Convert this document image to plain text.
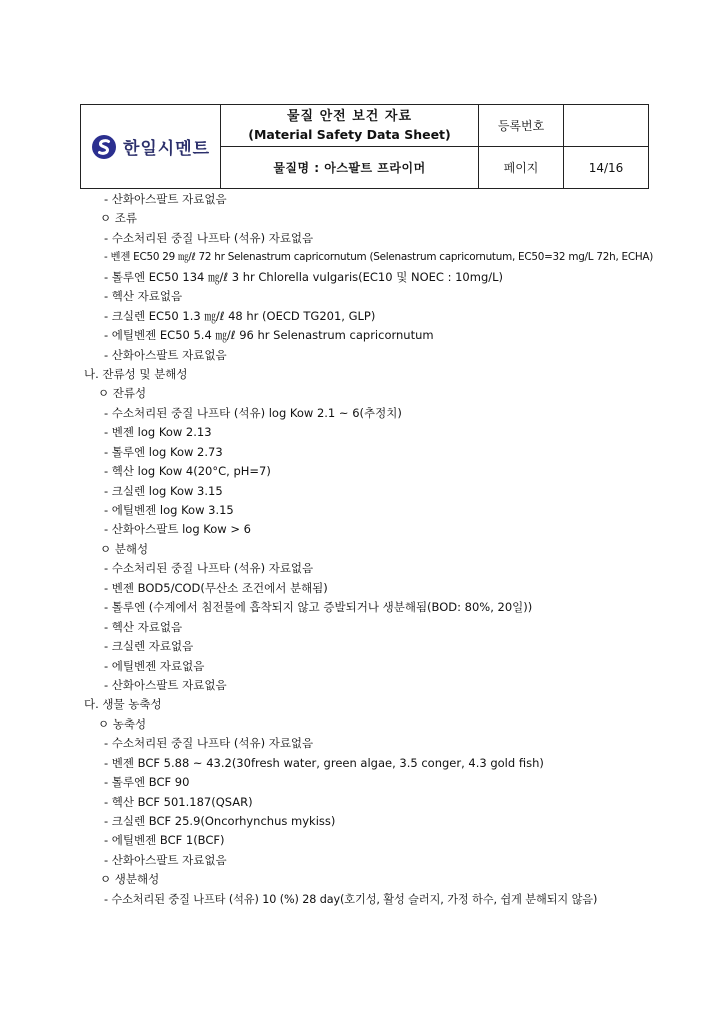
한일시멘트	물질 안전 보건 자료
(Material Safety Data Sheet)	등록번호	
	물질명 : 아스팔트 프라이머	페이지	14/16
- 산화아스팔트 자료없음
ㅇ 조류
- 수소처리된 중질 나프타 (석유) 자료없음
- 벤젠 EC50 29 ㎎/ℓ 72 hr Selenastrum capricornutum (Selenastrum capricornutum, EC50=32 mg/L 72h, ECHA)
- 톨루엔 EC50 134 ㎎/ℓ 3 hr Chlorella vulgaris(EC10 및 NOEC : 10mg/L)
- 헥산 자료없음
- 크실렌 EC50 1.3 ㎎/ℓ 48 hr (OECD TG201, GLP)
- 에틸벤젠 EC50 5.4 ㎎/ℓ 96 hr Selenastrum capricornutum
- 산화아스팔트 자료없음
나. 잔류성 및 분해성
ㅇ 잔류성
- 수소처리된 중질 나프타 (석유) log Kow 2.1 ~ 6(추정치)
- 벤젠 log Kow 2.13
- 톨루엔 log Kow 2.73
- 헥산 log Kow 4(20°C, pH=7)
- 크실렌 log Kow 3.15
- 에틸벤젠 log Kow 3.15
- 산화아스팔트 log Kow > 6
ㅇ 분해성
- 수소처리된 중질 나프타 (석유) 자료없음
- 벤젠 BOD5/COD(무산소 조건에서 분해됨)
- 톨루엔 (수계에서 침전물에 흡착되지 않고 증발되거나 생분해됨(BOD: 80%, 20일))
- 헥산 자료없음
- 크실렌 자료없음
- 에틸벤젠 자료없음
- 산화아스팔트 자료없음
다. 생물 농축성
ㅇ 농축성
- 수소처리된 중질 나프타 (석유) 자료없음
- 벤젠 BCF 5.88 ~ 43.2(30fresh water, green algae, 3.5 conger, 4.3 gold fish)
- 톨루엔 BCF 90
- 헥산 BCF 501.187(QSAR)
- 크실렌 BCF 25.9(Oncorhynchus mykiss)
- 에틸벤젠 BCF 1(BCF)
- 산화아스팔트 자료없음
ㅇ 생분해성
- 수소처리된 중질 나프타 (석유) 10 (%) 28 day(호기성, 활성 슬러지, 가정 하수, 쉽게 분해되지 않음)
